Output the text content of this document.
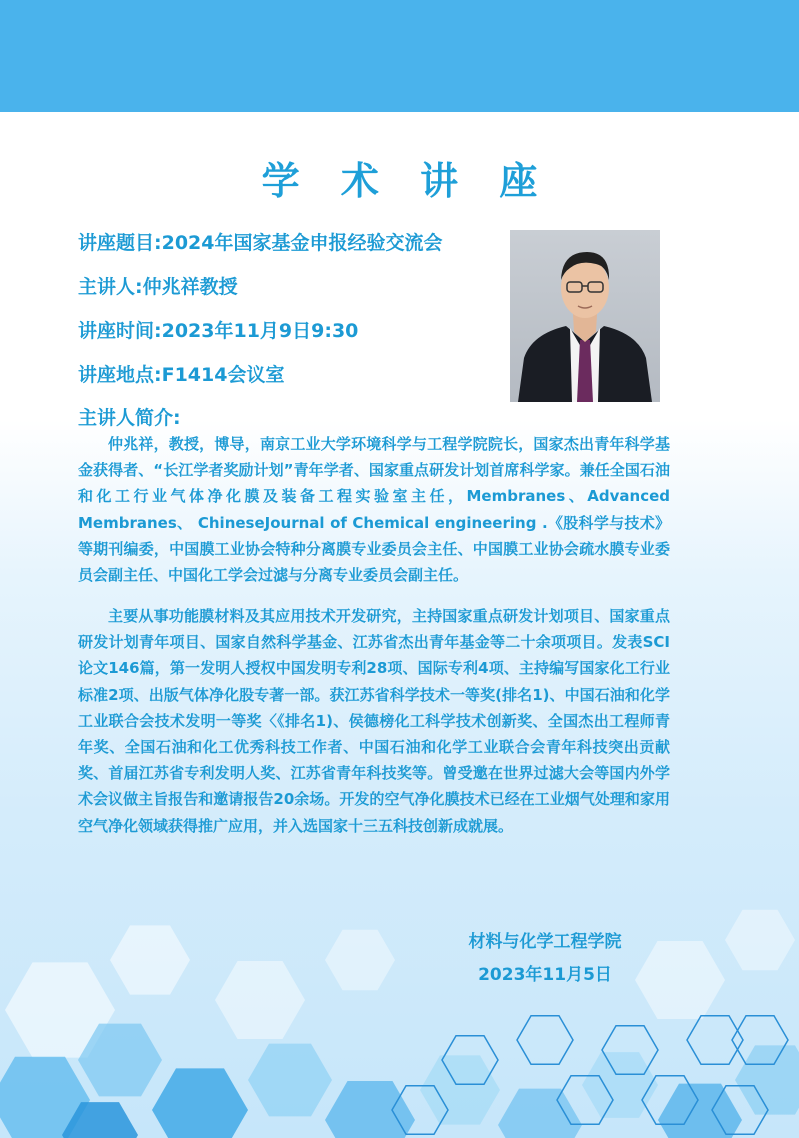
学 术 讲 座
讲座题目:2024年国家基金申报经验交流会
主讲人:仲兆祥教授
讲座时间:2023年11月9日9:30
讲座地点:F1414会议室
主讲人简介:

仲兆祥，教授，博导，南京工业大学环境科学与工程学院院长，国家杰出青年科学基金获得者、“长江学者奖励计划”青年学者、国家重点研发计划首席科学家。兼任全国石油和化工行业气体净化膜及装备工程实验室主任，Membranes、Advanced Membranes、 ChineseJournal of Chemical engineering .《股科学与技术》等期刊编委，中国膜工业协会特种分离膜专业委员会主任、中国膜工业协会疏水膜专业委员会副主任、中国化工学会过滤与分离专业委员会副主任。

主要从事功能膜材料及其应用技术开发研究，主持国家重点研发计划项目、国家重点研发计划青年项目、国家自然科学基金、江苏省杰出青年基金等二十余项项目。发表SCI论文146篇，第一发明人授权中国发明专利28项、国际专利4项、主持编写国家化工行业标准2项、出版气体净化股专著一部。获江苏省科学技术一等奖(排名1)、中国石油和化学工业联合会技术发明一等奖〈《排名1)、侯德榜化工科学技术创新奖、全国杰出工程师青年奖、全国石油和化工优秀科技工作者、中国石油和化学工业联合会青年科技突出贡献奖、首届江苏省专利发明人奖、江苏省青年科技奖等。曾受邀在世界过滤大会等国内外学术会议做主旨报告和邀请报告20余场。开发的空气净化膜技术已经在工业烟气处理和家用空气净化领域获得推广应用，并入选国家十三五科技创新成就展。

材料与化学工程学院
2023年11月5日
